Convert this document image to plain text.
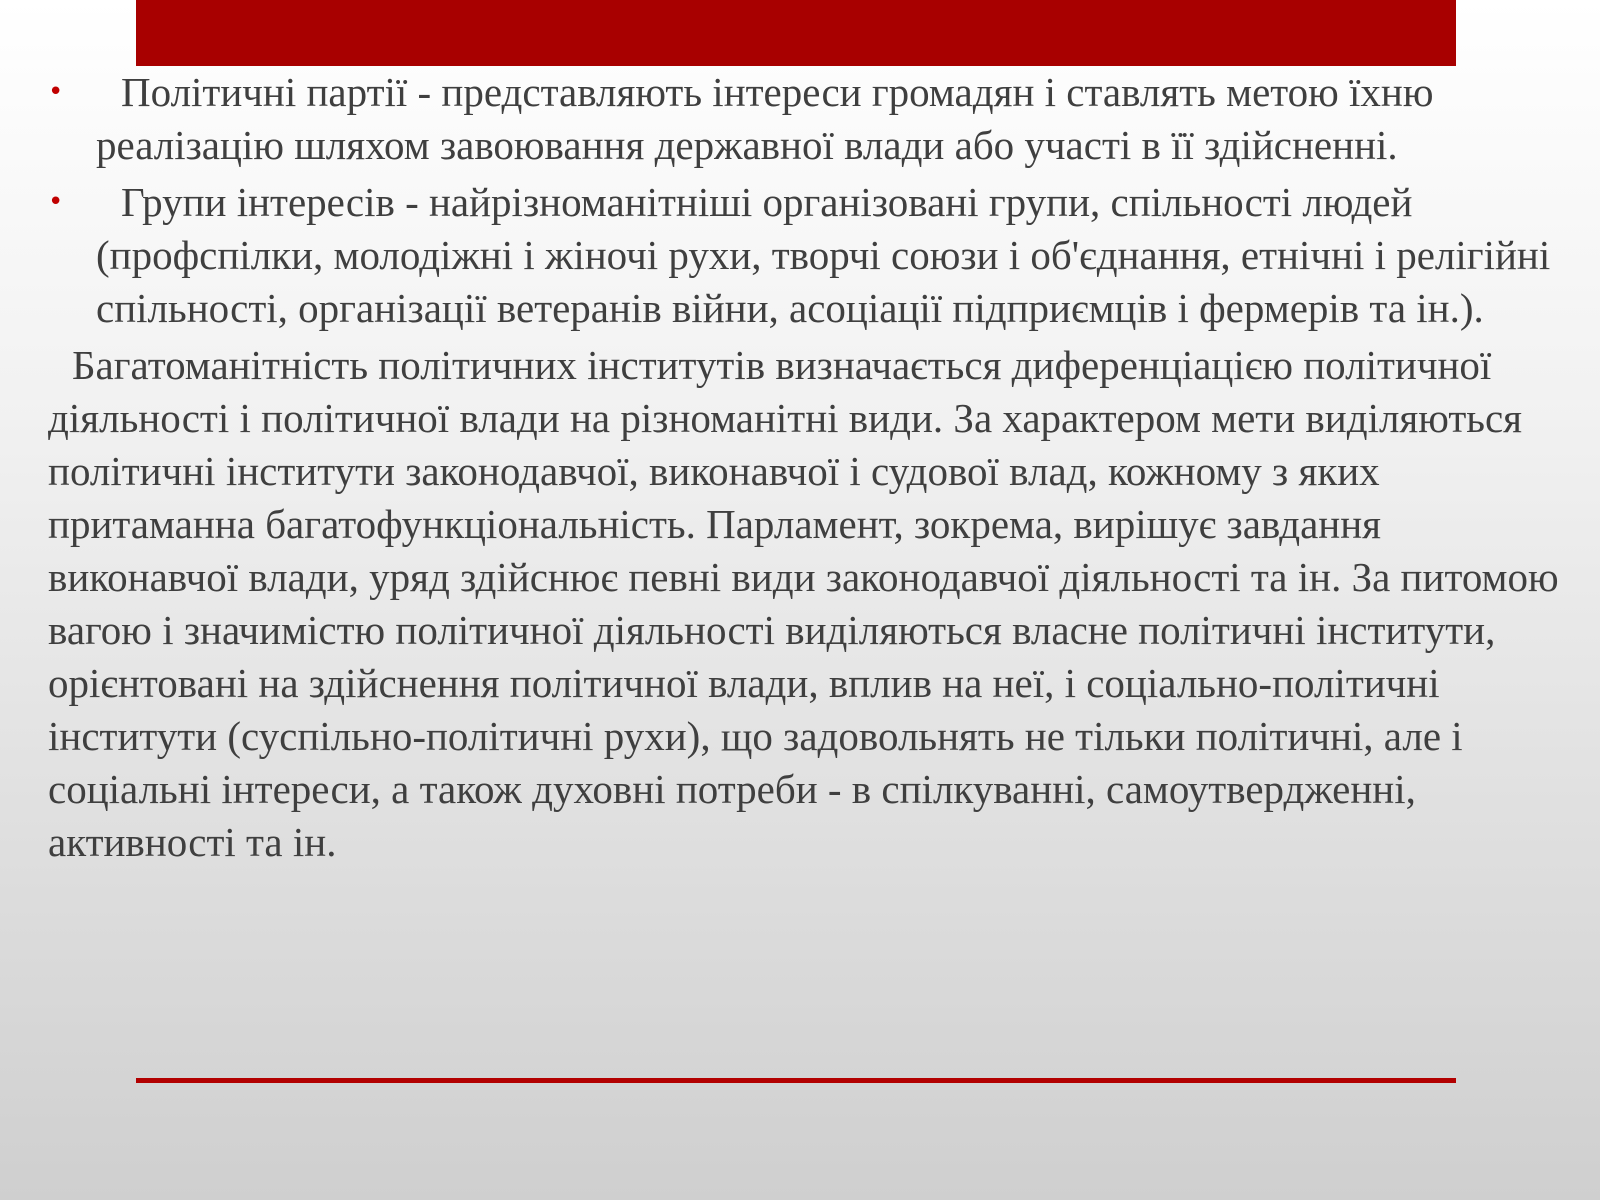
•	Політичні партії - представляють інтереси громадян і ставлять метою їхню реалізацію шляхом завоювання державної влади або участі в її здійсненні.
•	Групи інтересів - найрізноманітніші організовані групи, спільності людей (профспілки, молодіжні і жіночі рухи, творчі союзи і об'єднання, етнічні і релігійні спільності, організації ветеранів війни, асоціації підприємців і фермерів та ін.).

Багатоманітність політичних інститутів визначається диференціацією політичної діяльності і політичної влади на різноманітні види. За характером мети виділяються політичні інститути законодавчої, виконавчої і судової влад, кожному з яких притаманна багатофункціональність. Парламент, зокрема, вирішує завдання виконавчої влади, уряд здійснює певні види законодавчої діяльності та ін. За питомою вагою і значимістю політичної діяльності виділяються власне політичні інститути, орієнтовані на здійснення політичної влади, вплив на неї, і соціально-політичні інститути (суспільно-політичні рухи), що задовольнять не тільки політичні, але і соціальні інтереси, а також духовні потреби - в спілкуванні, самоутвердженні, активності та ін.
